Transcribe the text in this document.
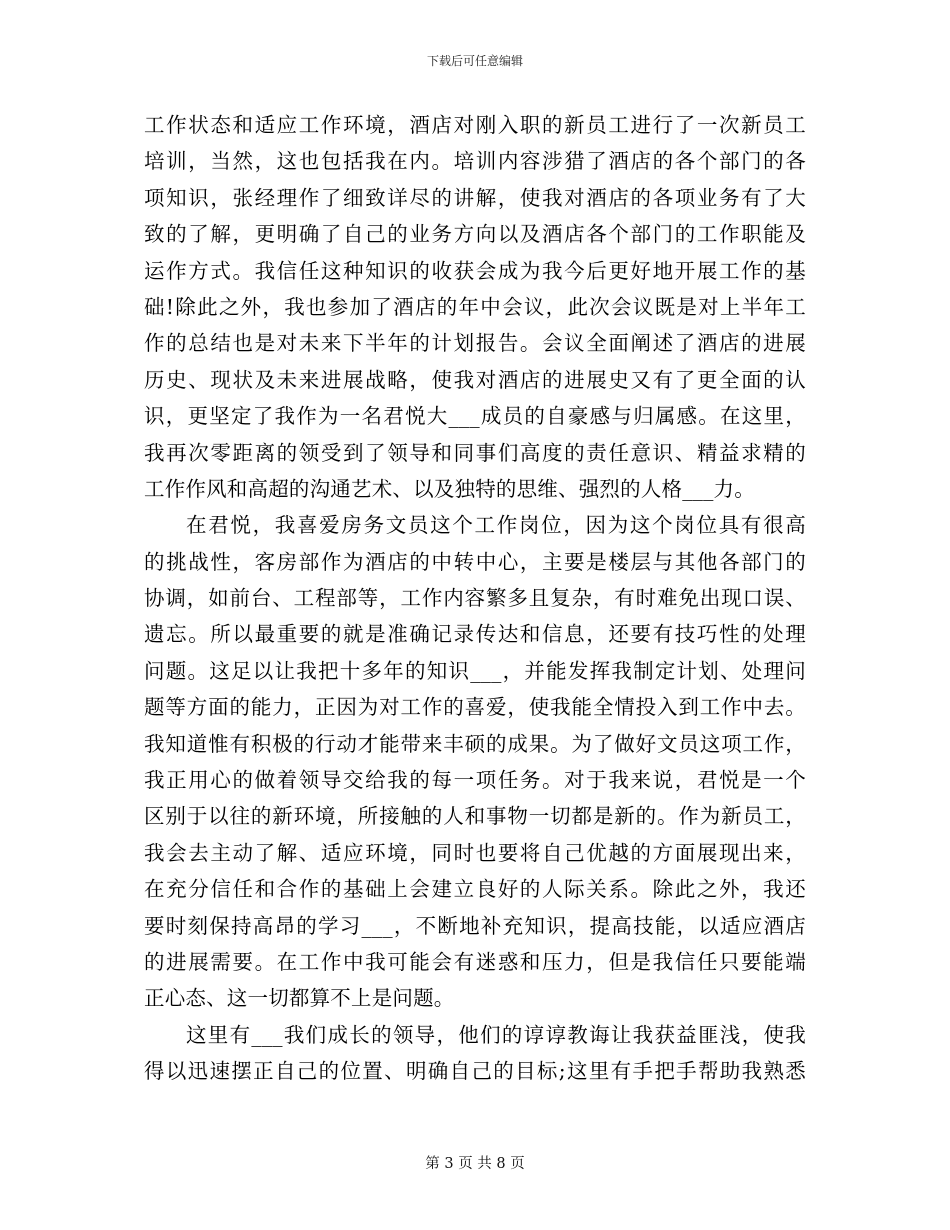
下载后可任意编辑
工作状态和适应工作环境，酒店对刚入职的新员工进行了一次新员工
培训，当然，这也包括我在内。培训内容涉猎了酒店的各个部门的各
项知识，张经理作了细致详尽的讲解，使我对酒店的各项业务有了大
致的了解，更明确了自己的业务方向以及酒店各个部门的工作职能及
运作方式。我信任这种知识的收获会成为我今后更好地开展工作的基
础!除此之外，我也参加了酒店的年中会议，此次会议既是对上半年工
作的总结也是对未来下半年的计划报告。会议全面阐述了酒店的进展
历史、现状及未来进展战略，使我对酒店的进展史又有了更全面的认
识，更坚定了我作为一名君悦大___成员的自豪感与归属感。在这里，
我再次零距离的领受到了领导和同事们高度的责任意识、精益求精的
工作作风和高超的沟通艺术、以及独特的思维、强烈的人格___力。
在君悦，我喜爱房务文员这个工作岗位，因为这个岗位具有很高
的挑战性，客房部作为酒店的中转中心，主要是楼层与其他各部门的
协调，如前台、工程部等，工作内容繁多且复杂，有时难免出现口误、
遗忘。所以最重要的就是准确记录传达和信息，还要有技巧性的处理
问题。这足以让我把十多年的知识___，并能发挥我制定计划、处理问
题等方面的能力，正因为对工作的喜爱，使我能全情投入到工作中去。
我知道惟有积极的行动才能带来丰硕的成果。为了做好文员这项工作，
我正用心的做着领导交给我的每一项任务。对于我来说，君悦是一个
区别于以往的新环境，所接触的人和事物一切都是新的。作为新员工，
我会去主动了解、适应环境，同时也要将自己优越的方面展现出来，
在充分信任和合作的基础上会建立良好的人际关系。除此之外，我还
要时刻保持高昂的学习___，不断地补充知识，提高技能，以适应酒店
的进展需要。在工作中我可能会有迷惑和压力，但是我信任只要能端
正心态、这一切都算不上是问题。
这里有___我们成长的领导，他们的谆谆教诲让我获益匪浅，使我
得以迅速摆正自己的位置、明确自己的目标;这里有手把手帮助我熟悉
第 3 页 共 8 页
